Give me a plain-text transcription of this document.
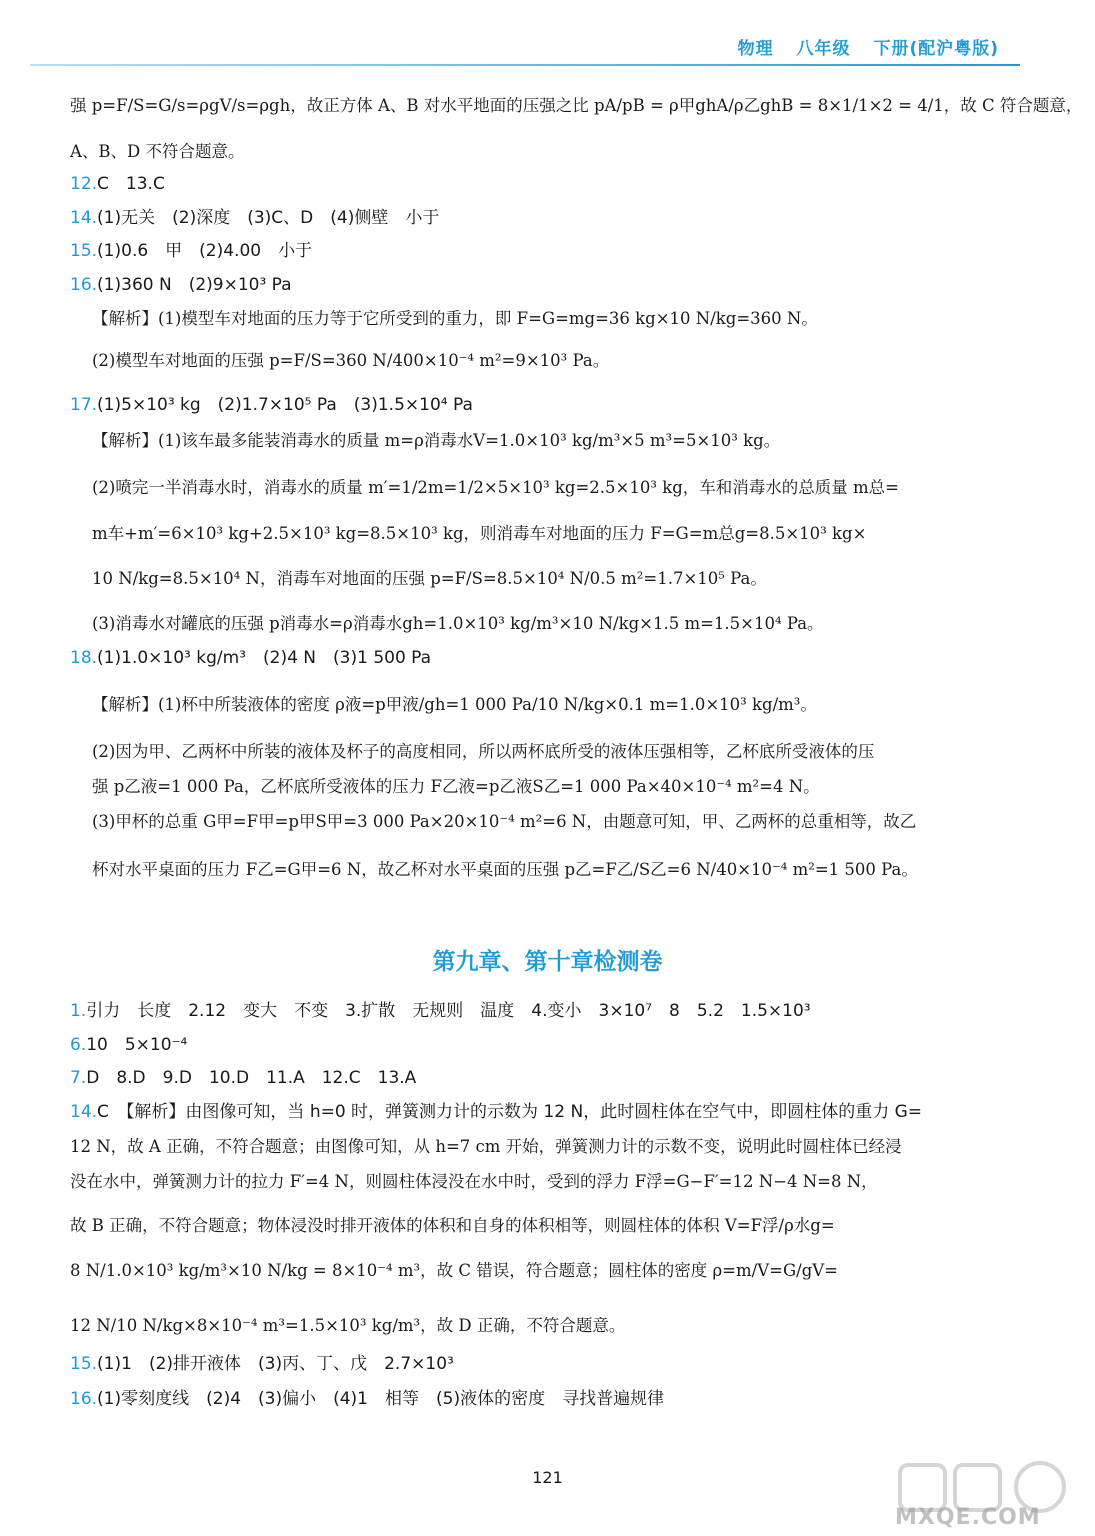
物理 八年级 下册(配沪粤版)
强 p=F/S=G/s=ρgV/s=ρgh，故正方体 A、B 对水平地面的压强之比 pA/pB = ρ甲ghA/ρ乙ghB = 8×1/1×2 = 4/1，故 C 符合题意，
A、B、D 不符合题意。
12.C　13.C
14.(1)无关　(2)深度　(3)C、D　(4)侧壁　小于
15.(1)0.6　甲　(2)4.00　小于
16.(1)360 N　(2)9×10³ Pa
【解析】(1)模型车对地面的压力等于它所受到的重力，即 F=G=mg=36 kg×10 N/kg=360 N。
(2)模型车对地面的压强 p=F/S=360 N/400×10⁻⁴ m²=9×10³ Pa。
17.(1)5×10³ kg　(2)1.7×10⁵ Pa　(3)1.5×10⁴ Pa
【解析】(1)该车最多能装消毒水的质量 m=ρ消毒水V=1.0×10³ kg/m³×5 m³=5×10³ kg。
(2)喷完一半消毒水时，消毒水的质量 m′=1/2m=1/2×5×10³ kg=2.5×10³ kg，车和消毒水的总质量 m总=
m车+m′=6×10³ kg+2.5×10³ kg=8.5×10³ kg，则消毒车对地面的压力 F=G=m总g=8.5×10³ kg×
10 N/kg=8.5×10⁴ N，消毒车对地面的压强 p=F/S=8.5×10⁴ N/0.5 m²=1.7×10⁵ Pa。
(3)消毒水对罐底的压强 p消毒水=ρ消毒水gh=1.0×10³ kg/m³×10 N/kg×1.5 m=1.5×10⁴ Pa。
18.(1)1.0×10³ kg/m³　(2)4 N　(3)1 500 Pa
【解析】(1)杯中所装液体的密度 ρ液=p甲液/gh=1 000 Pa/10 N/kg×0.1 m=1.0×10³ kg/m³。
(2)因为甲、乙两杯中所装的液体及杯子的高度相同，所以两杯底所受的液体压强相等，乙杯底所受液体的压
强 p乙液=1 000 Pa，乙杯底所受液体的压力 F乙液=p乙液S乙=1 000 Pa×40×10⁻⁴ m²=4 N。
(3)甲杯的总重 G甲=F甲=p甲S甲=3 000 Pa×20×10⁻⁴ m²=6 N，由题意可知，甲、乙两杯的总重相等，故乙
杯对水平桌面的压力 F乙=G甲=6 N，故乙杯对水平桌面的压强 p乙=F乙/S乙=6 N/40×10⁻⁴ m²=1 500 Pa。
1.引力　长度　2.12　变大　不变　3.扩散　无规则　温度　4.变小　3×10⁷　8　5.2　1.5×10³
6.10　5×10⁻⁴
7.D　8.D　9.D　10.D　11.A　12.C　13.A
14.C　【解析】由图像可知，当 h=0 时，弹簧测力计的示数为 12 N，此时圆柱体在空气中，即圆柱体的重力 G=
12 N，故 A 正确，不符合题意；由图像可知，从 h=7 cm 开始，弹簧测力计的示数不变，说明此时圆柱体已经浸
没在水中，弹簧测力计的拉力 F′=4 N，则圆柱体浸没在水中时，受到的浮力 F浮=G−F′=12 N−4 N=8 N，
故 B 正确，不符合题意；物体浸没时排开液体的体积和自身的体积相等，则圆柱体的体积 V=F浮/ρ水g=
8 N/1.0×10³ kg/m³×10 N/kg = 8×10⁻⁴ m³，故 C 错误，符合题意；圆柱体的密度 ρ=m/V=G/gV=
12 N/10 N/kg×8×10⁻⁴ m³=1.5×10³ kg/m³，故 D 正确，不符合题意。
15.(1)1　(2)排开液体　(3)丙、丁、戊　2.7×10³
16.(1)零刻度线　(2)4　(3)偏小　(4)1　相等　(5)液体的密度　寻找普遍规律
第九章、第十章检测卷
121
MXQE.COM
